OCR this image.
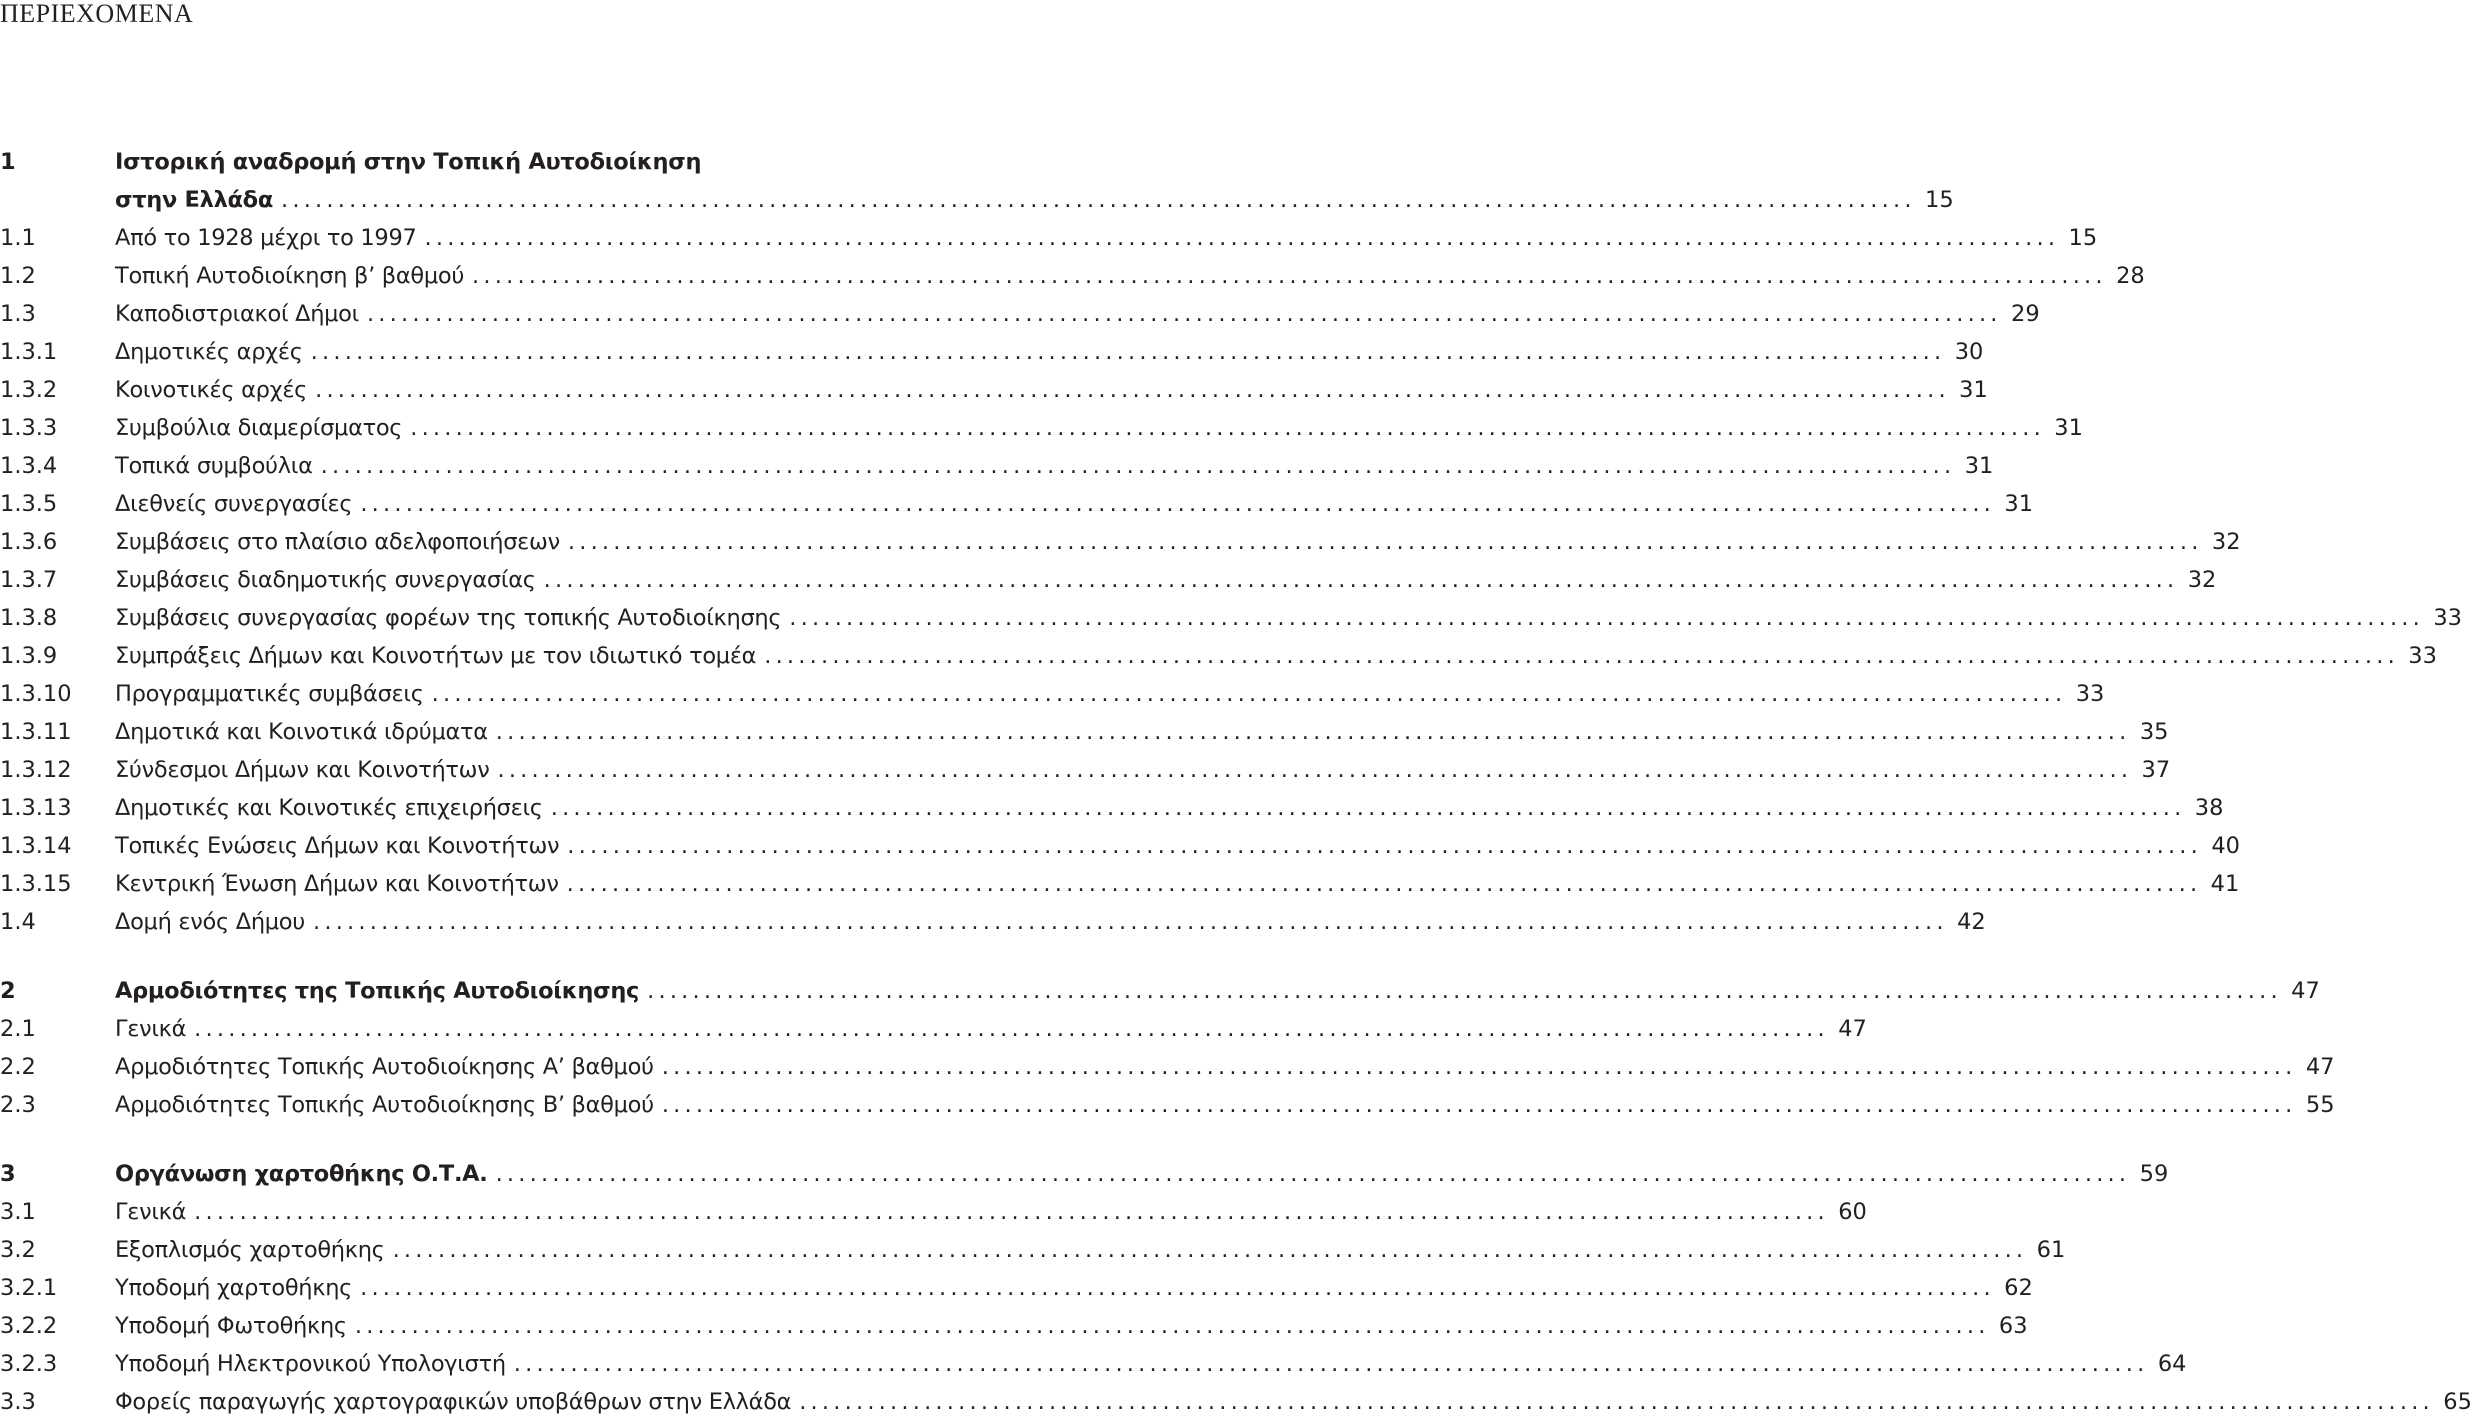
ΠΕΡΙΕΧΟΜΕΝΑ
1	Ιστορική αναδρομή στην Τοπική Αυτοδιοίκηση
στην Ελλάδα ................................................................................................................................................ 15
1.1	Από το 1928 μέχρι το 1997 ................................................................................................................................................ 15
1.2	Τοπική Αυτοδιοίκηση β’ βαθμού ................................................................................................................................................ 28
1.3	Καποδιστριακοί Δήμοι ................................................................................................................................................ 29
1.3.1	Δημοτικές αρχές ................................................................................................................................................ 30
1.3.2	Κοινοτικές αρχές ................................................................................................................................................ 31
1.3.3	Συμβούλια διαμερίσματος ................................................................................................................................................ 31
1.3.4	Τοπικά συμβούλια ................................................................................................................................................ 31
1.3.5	Διεθνείς συνεργασίες ................................................................................................................................................ 31
1.3.6	Συμβάσεις στο πλαίσιο αδελφοποιήσεων ................................................................................................................................................ 32
1.3.7	Συμβάσεις διαδημοτικής συνεργασίας ................................................................................................................................................ 32
1.3.8	Συμβάσεις συνεργασίας φορέων της τοπικής Αυτοδιοίκησης ................................................................................................................................................ 33
1.3.9	Συμπράξεις Δήμων και Κοινοτήτων με τον ιδιωτικό τομέα ................................................................................................................................................ 33
1.3.10 Προγραμματικές συμβάσεις ................................................................................................................................................ 33
1.3.11 Δημοτικά και Κοινοτικά ιδρύματα ................................................................................................................................................ 35
1.3.12 Σύνδεσμοι Δήμων και Κοινοτήτων ................................................................................................................................................ 37
1.3.13 Δημοτικές και Κοινοτικές επιχειρήσεις ................................................................................................................................................ 38
1.3.14 Τοπικές Ενώσεις Δήμων και Κοινοτήτων ................................................................................................................................................ 40
1.3.15 Κεντρική Ένωση Δήμων και Κοινοτήτων ................................................................................................................................................ 41
1.4	Δομή ενός Δήμου ................................................................................................................................................ 42
2	Αρμοδιότητες της Τοπικής Αυτοδιοίκησης ................................................................................................................................................ 47
2.1	Γενικά ................................................................................................................................................ 47
2.2	Αρμοδιότητες Τοπικής Αυτοδιοίκησης Α’ βαθμού ................................................................................................................................................ 47
2.3	Αρμοδιότητες Τοπικής Αυτοδιοίκησης Β’ βαθμού ................................................................................................................................................ 55
3	Οργάνωση χαρτοθήκης Ο.Τ.Α. ................................................................................................................................................ 59
3.1	Γενικά ................................................................................................................................................ 60
3.2	Εξοπλισμός χαρτοθήκης ................................................................................................................................................ 61
3.2.1	Υποδομή χαρτοθήκης ................................................................................................................................................ 62
3.2.2	Υποδομή Φωτοθήκης ................................................................................................................................................ 63
3.2.3	Υποδομή Ηλεκτρονικού Υπολογιστή ................................................................................................................................................ 64
3.3	Φορείς παραγωγής χαρτογραφικών υποβάθρων στην Ελλάδα ................................................................................................................................................ 65
